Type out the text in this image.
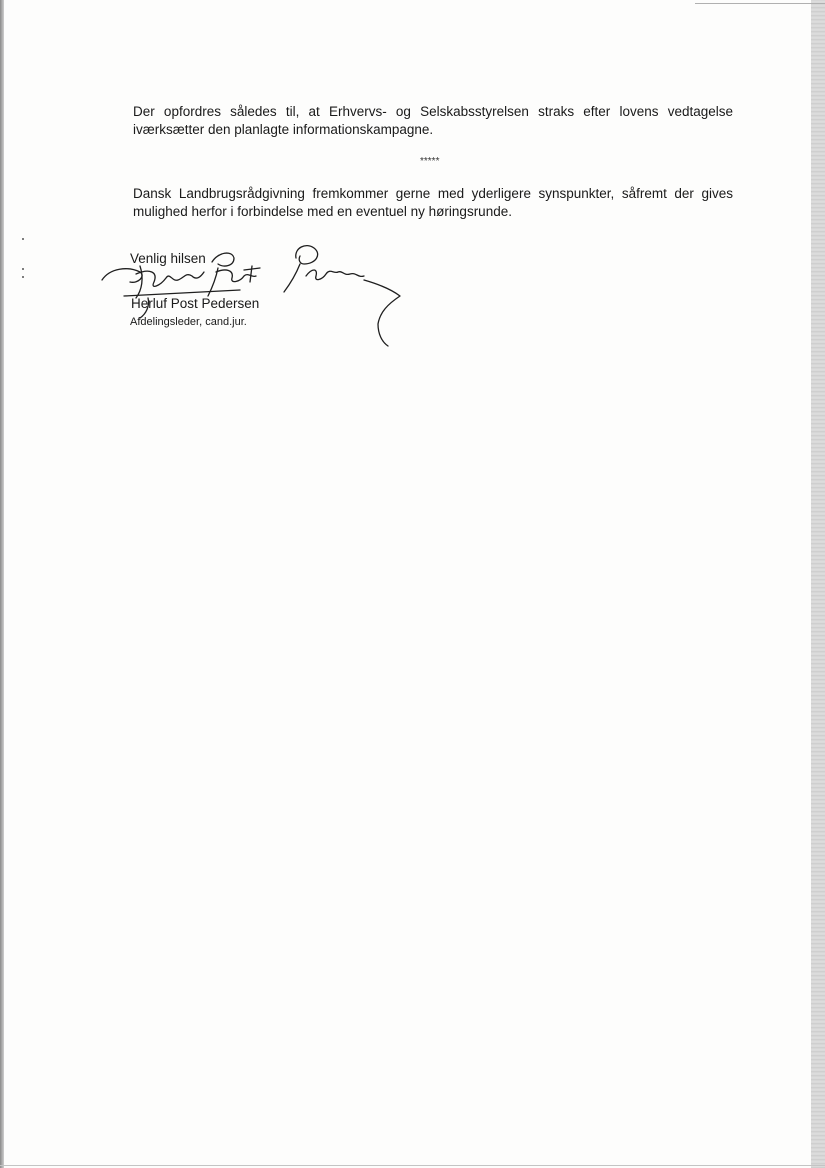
Der opfordres således til, at Erhvervs- og Selskabsstyrelsen straks efter lovens vedtagelse iværksætter den planlagte informationskampagne.

*****

Dansk Landbrugsrådgivning fremkommer gerne med yderligere synspunkter, såfremt der gives mulighed herfor i forbindelse med en eventuel ny høringsrunde.

Venlig hilsen
Herluf Post Pedersen
Afdelingsleder, cand.jur.
